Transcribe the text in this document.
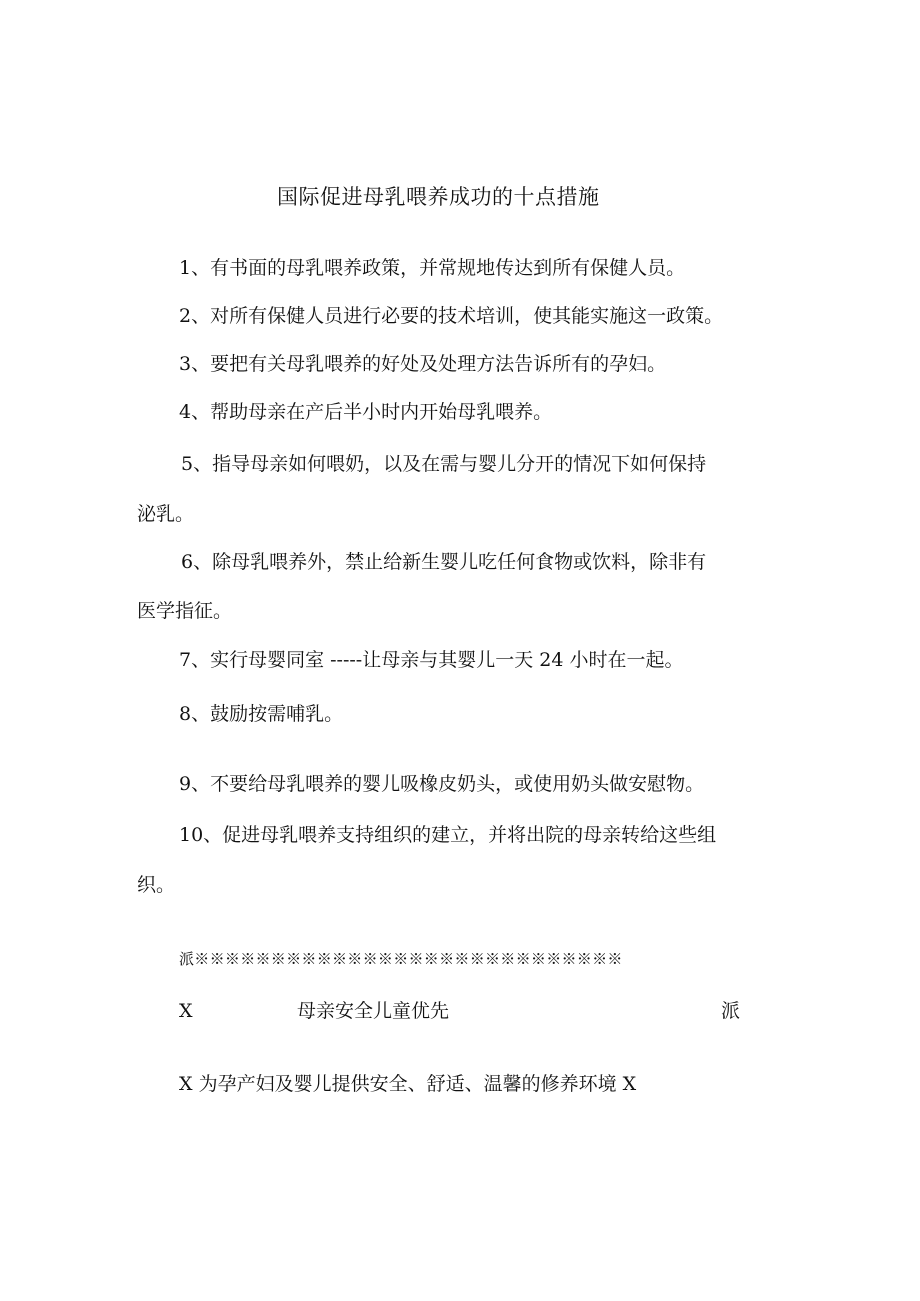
国际促进母乳喂养成功的十点措施
1、有书面的母乳喂养政策，并常规地传达到所有保健人员。
2、对所有保健人员进行必要的技术培训，使其能实施这一政策。
3、要把有关母乳喂养的好处及处理方法告诉所有的孕妇。
4、帮助母亲在产后半小时内开始母乳喂养。
5、指导母亲如何喂奶，以及在需与婴儿分开的情况下如何保持
泌乳。
6、除母乳喂养外，禁止给新生婴儿吃任何食物或饮料，除非有
医学指征。
7、实行母婴同室 -----让母亲与其婴儿一天 24 小时在一起。
8、鼓励按需哺乳。
9、不要给母乳喂养的婴儿吸橡皮奶头，或使用奶头做安慰物。
10、促进母乳喂养支持组织的建立，并将出院的母亲转给这些组
织。
派※※※※※※※※※※※※※※※※※※※※※※※※※※※※
X	母亲安全儿童优先	派
X 为孕产妇及婴儿提供安全、舒适、温馨的修养环境 X
